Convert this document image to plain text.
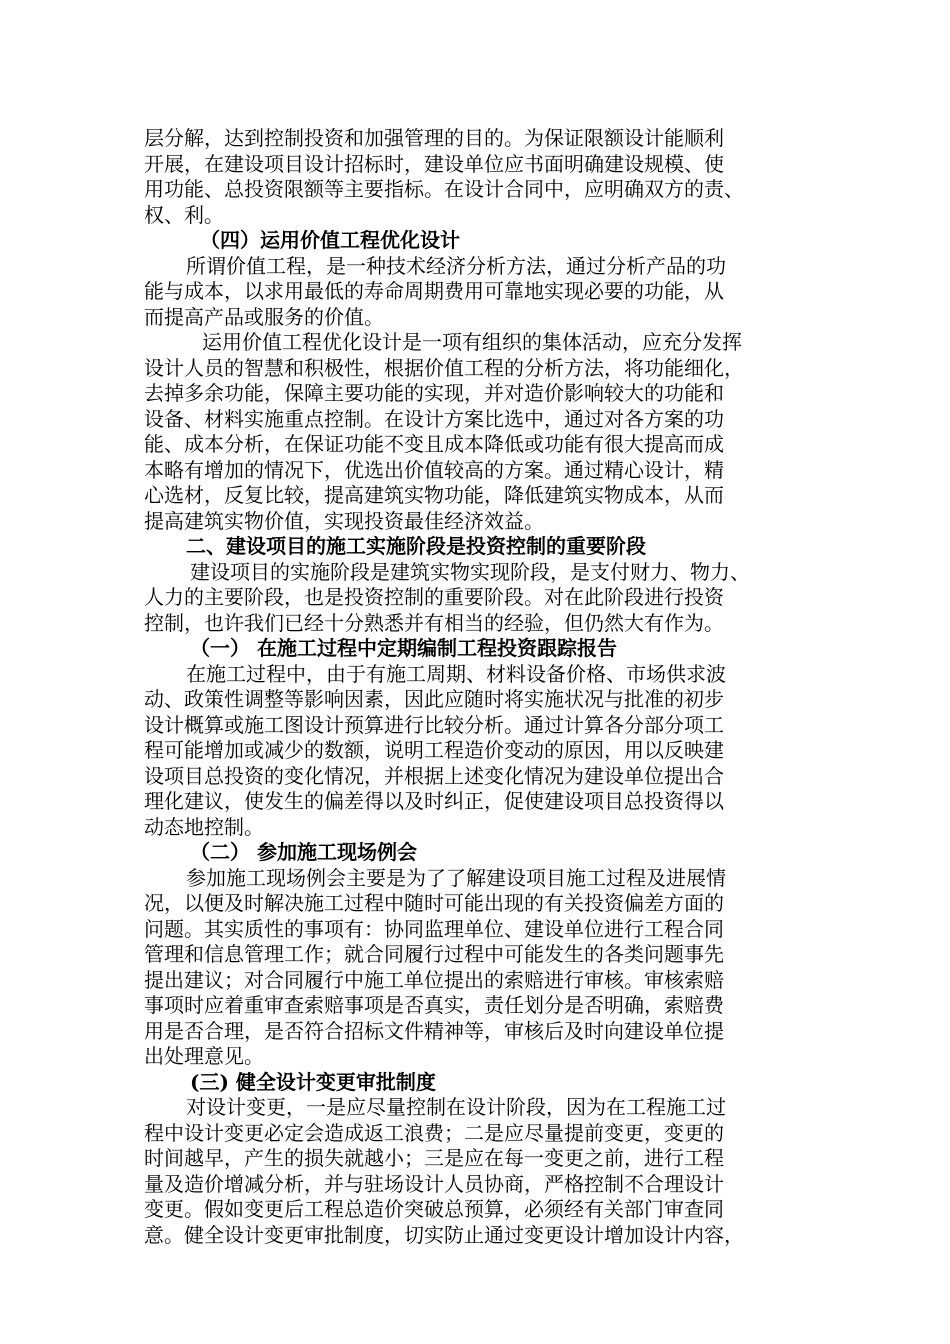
层分解，达到控制投资和加强管理的目的。为保证限额设计能顺利
开展，在建设项目设计招标时，建设单位应书面明确建设规模、使
用功能、总投资限额等主要指标。在设计合同中，应明确双方的责、
权、利。
（四）运用价值工程优化设计
所谓价值工程，是一种技术经济分析方法，通过分析产品的功
能与成本，以求用最低的寿命周期费用可靠地实现必要的功能，从
而提高产品或服务的价值。
运用价值工程优化设计是一项有组织的集体活动，应充分发挥
设计人员的智慧和积极性，根据价值工程的分析方法，将功能细化，
去掉多余功能，保障主要功能的实现，并对造价影响较大的功能和
设备、材料实施重点控制。在设计方案比选中，通过对各方案的功
能、成本分析，在保证功能不变且成本降低或功能有很大提高而成
本略有增加的情况下，优选出价值较高的方案。通过精心设计，精
心选材，反复比较，提高建筑实物功能，降低建筑实物成本，从而
提高建筑实物价值，实现投资最佳经济效益。
二、建设项目的施工实施阶段是投资控制的重要阶段
建设项目的实施阶段是建筑实物实现阶段，是支付财力、物力、
人力的主要阶段，也是投资控制的重要阶段。对在此阶段进行投资
控制，也许我们已经十分熟悉并有相当的经验，但仍然大有作为。
（一） 在施工过程中定期编制工程投资跟踪报告
在施工过程中，由于有施工周期、材料设备价格、市场供求波
动、政策性调整等影响因素，因此应随时将实施状况与批准的初步
设计概算或施工图设计预算进行比较分析。通过计算各分部分项工
程可能增加或减少的数额，说明工程造价变动的原因，用以反映建
设项目总投资的变化情况，并根据上述变化情况为建设单位提出合
理化建议，使发生的偏差得以及时纠正，促使建设项目总投资得以
动态地控制。
（二） 参加施工现场例会
参加施工现场例会主要是为了了解建设项目施工过程及进展情
况，以便及时解决施工过程中随时可能出现的有关投资偏差方面的
问题。其实质性的事项有：协同监理单位、建设单位进行工程合同
管理和信息管理工作；就合同履行过程中可能发生的各类问题事先
提出建议；对合同履行中施工单位提出的索赔进行审核。审核索赔
事项时应着重审查索赔事项是否真实，责任划分是否明确，索赔费
用是否合理，是否符合招标文件精神等，审核后及时向建设单位提
出处理意见。
(三) 健全设计变更审批制度
对设计变更，一是应尽量控制在设计阶段，因为在工程施工过
程中设计变更必定会造成返工浪费；二是应尽量提前变更，变更的
时间越早，产生的损失就越小；三是应在每一变更之前，进行工程
量及造价增减分析，并与驻场设计人员协商，严格控制不合理设计
变更。假如变更后工程总造价突破总预算，必须经有关部门审查同
意。健全设计变更审批制度，切实防止通过变更设计增加设计内容，
